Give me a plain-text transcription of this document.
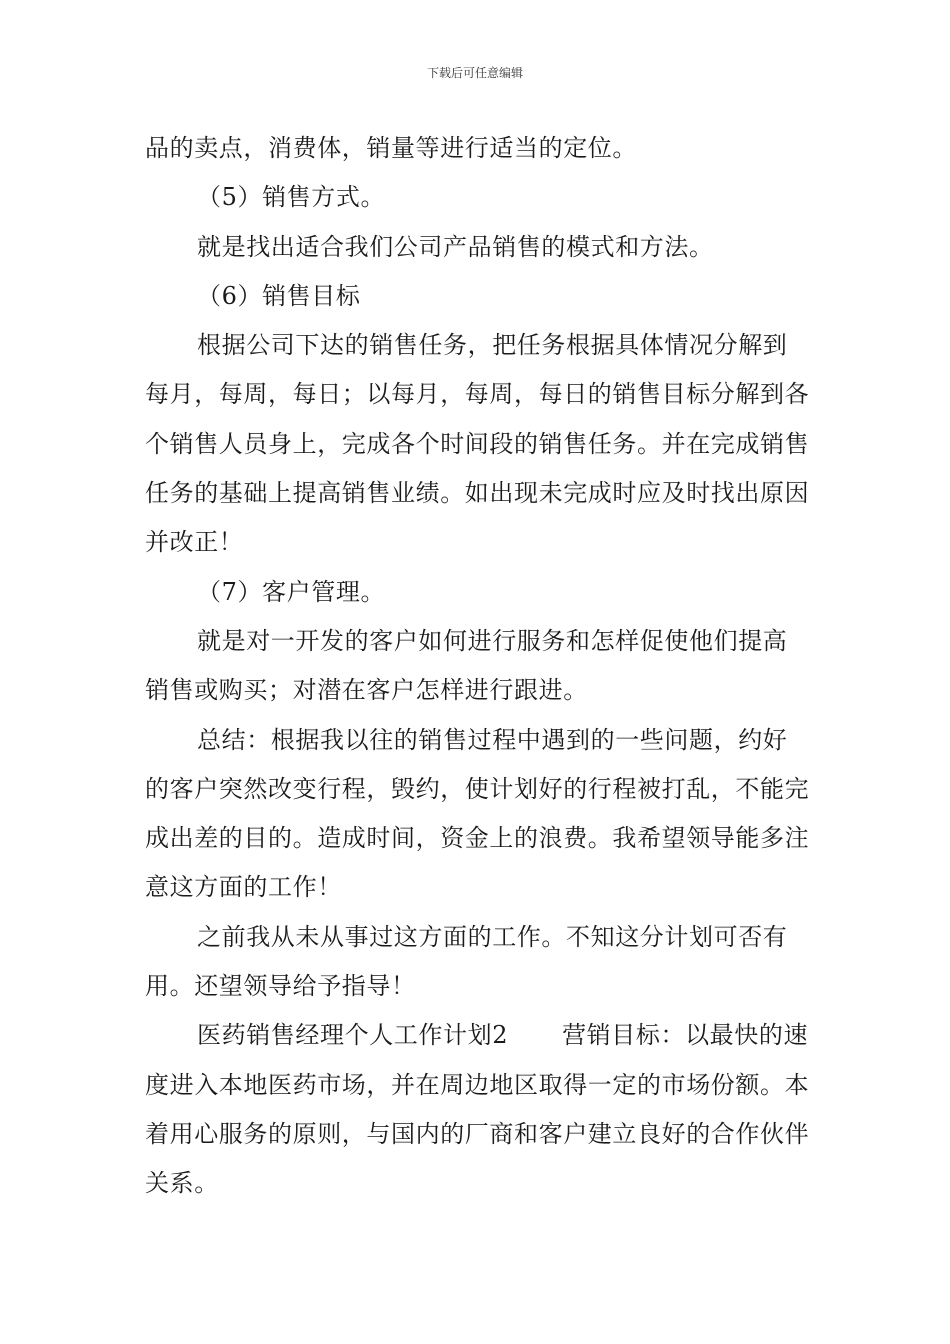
下载后可任意编辑

品的卖点，消费体，销量等进行适当的定位。

（5）销售方式。

就是找出适合我们公司产品销售的模式和方法。

（6）销售目标

根据公司下达的销售任务，把任务根据具体情况分解到每月，每周，每日；以每月，每周，每日的销售目标分解到各个销售人员身上，完成各个时间段的销售任务。并在完成销售任务的基础上提高销售业绩。如出现未完成时应及时找出原因并改正！

（7）客户管理。

就是对一开发的客户如何进行服务和怎样促使他们提高销售或购买；对潜在客户怎样进行跟进。

总结：根据我以往的销售过程中遇到的一些问题，约好的客户突然改变行程，毁约，使计划好的行程被打乱，不能完成出差的目的。造成时间，资金上的浪费。我希望领导能多注意这方面的工作！

之前我从未从事过这方面的工作。不知这分计划可否有用。还望领导给予指导！

医药销售经理个人工作计划2 营销目标：以最快的速度进入本地医药市场，并在周边地区取得一定的市场份额。本着用心服务的原则，与国内的厂商和客户建立良好的合作伙伴关系。
